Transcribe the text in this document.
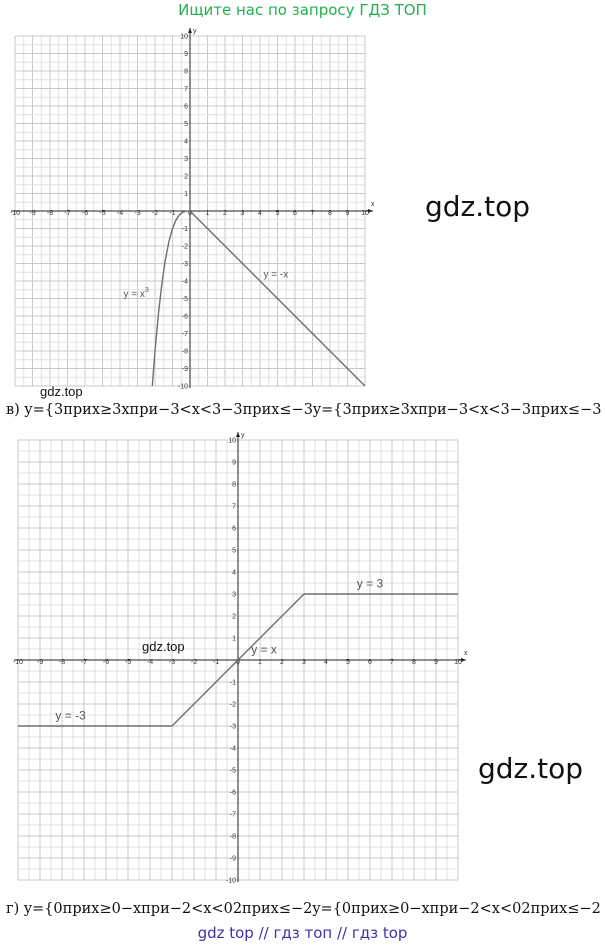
Ищите нас по запросу ГДЗ ТОП
x
y
-10 -9 -8 -7 -6 -5 -4 -3 -2 -1 0 1 2 3 4 5 6 7 8 9 10
-10
-9
-8
-7
-6
-5
-4
-3
-2
-1
1
2
3
4
5
6
7
8
9
10
$y = x^3$
y = -x
gdz.top
gdz.top
в) y={3приx≥3xпри−3<x<3−3приx≤−3y={3приx≥3xпри−3<x<3−3приx≤−3
x
y
-10 -9 -8 -7 -6 -5 -4 -3 -2 -1 0	1	2	3	4	5	6	7	8	9 10
-10
-9
-8
-7
-6
-5
-4
-3
-2
-1
1
2
3
4
5
6
7
8
9
10
y = 3
y = x
y = -3
gdz.top
gdz.top
г) y={0приx≥0−xпри−2<x<02приx≤−2y={0приx≥0−xпри−2<x<02приx≤−2
gdz top // гдз топ // гдз top
